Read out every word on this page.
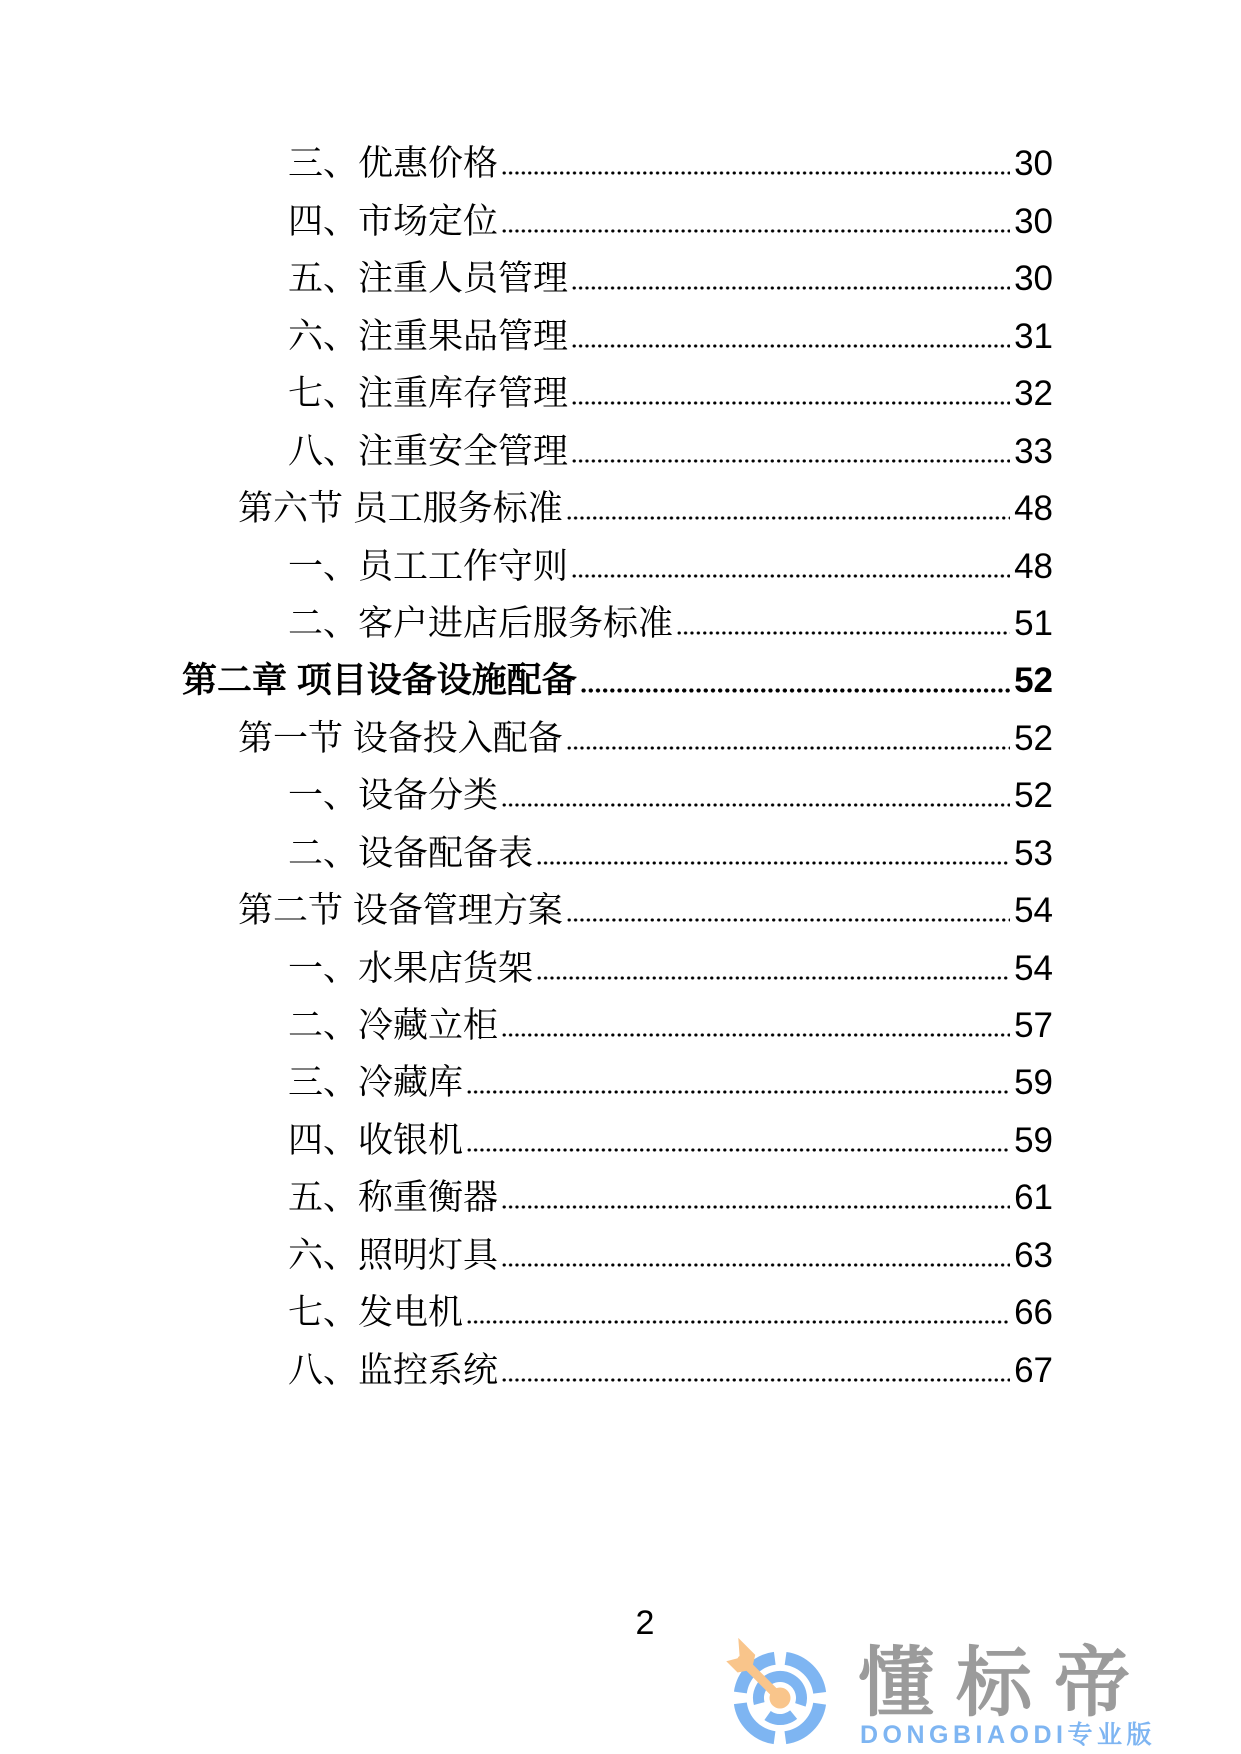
三、优惠价格	30
四、市场定位	30
五、注重人员管理	30
六、注重果品管理	31
七、注重库存管理	32
八、注重安全管理	33
第六节 员工服务标准	48
一、员工工作守则	48
二、客户进店后服务标准	51
第二章 项目设备设施配备	52
第一节 设备投入配备	52
一、设备分类	52
二、设备配备表	53
第二节 设备管理方案	54
一、水果店货架	54
二、冷藏立柜	57
三、冷藏库	59
四、收银机	59
五、称重衡器	61
六、照明灯具	63
七、发电机	66
八、监控系统	67
2
懂标帝
DONGBIAODI专业版
